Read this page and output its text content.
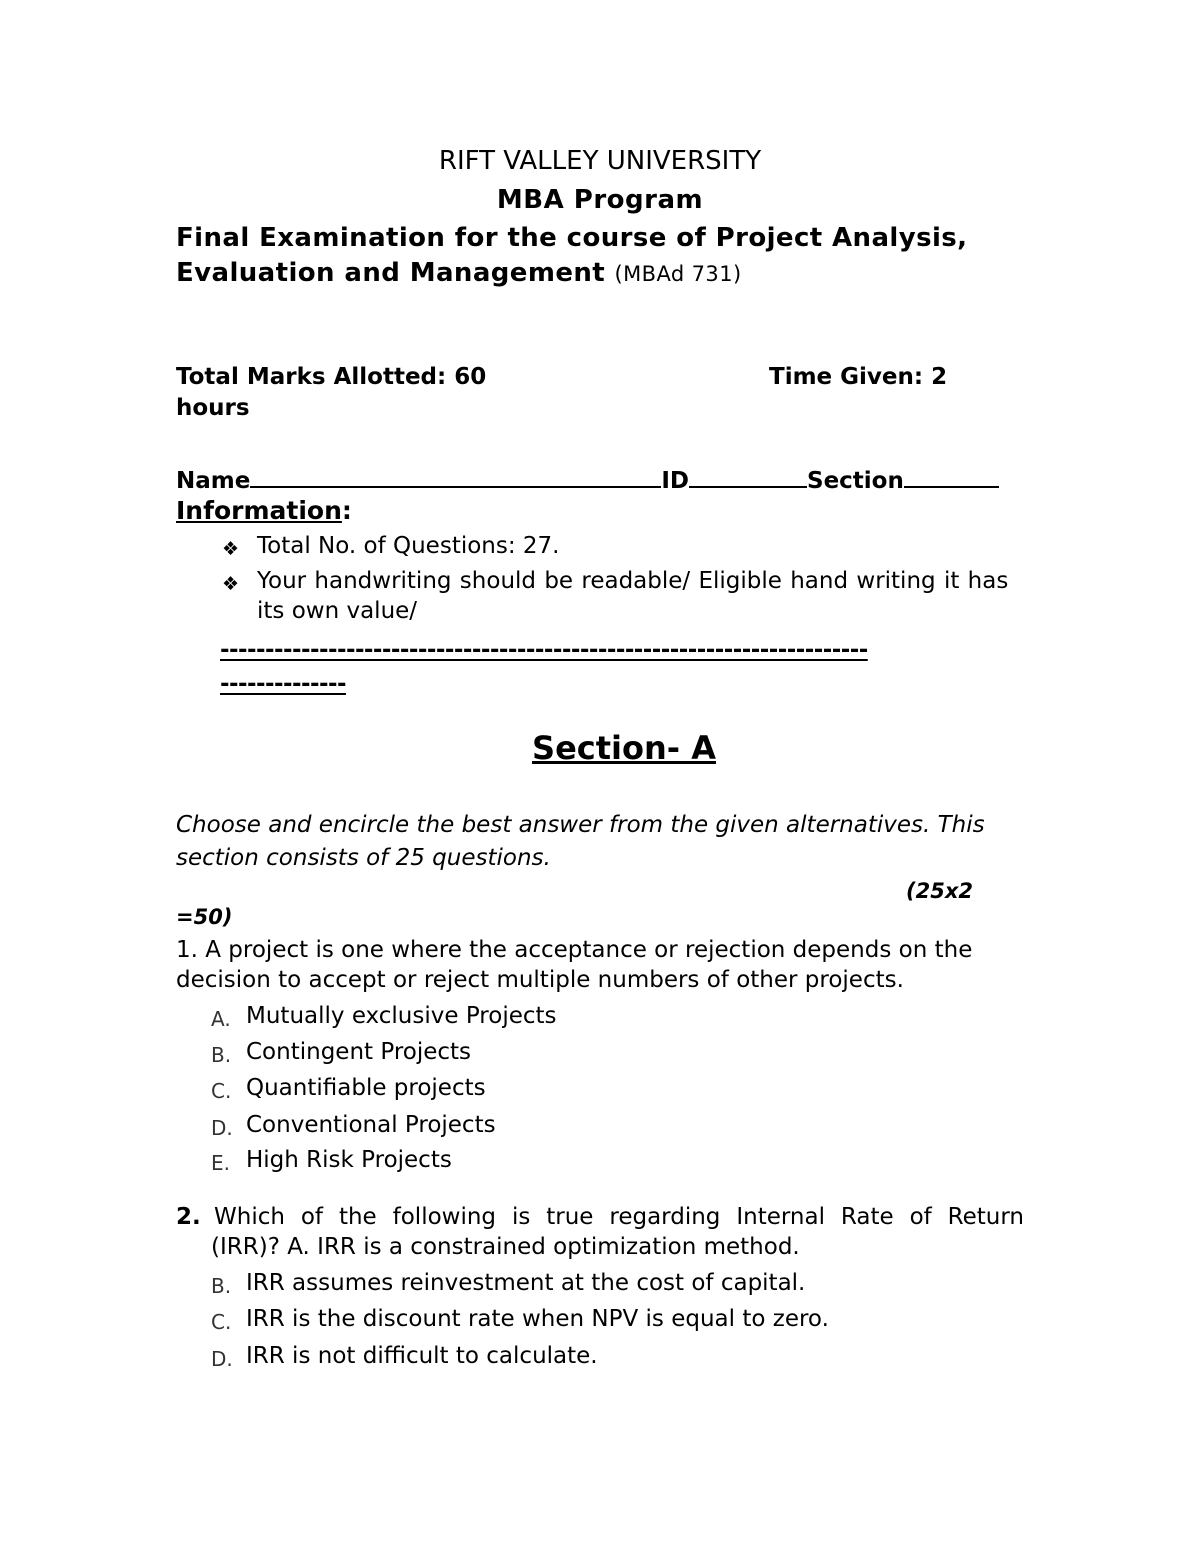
RIFT VALLEY UNIVERSITY
MBA Program
Final Examination for the course of Project Analysis,
Evaluation and Management (MBAd 731)
Total Marks Allotted: 60	Time Given: 2
hours
Name	ID	Section
Information:
❖ Total No. of Questions: 27.
❖ Your handwriting should be readable/ Eligible hand writing it has
its own value/
------------------------------------------------------------------------
--------------
Section- A
Choose and encircle the best answer from the given alternatives. This
section consists of 25 questions.
(25x2
=50)
1. A project is one where the acceptance or rejection depends on the
decision to accept or reject multiple numbers of other projects.
A. Mutually exclusive Projects
B. Contingent Projects
C. Quantifiable projects
D. Conventional Projects
E. High Risk Projects
2. Which of the following is true regarding Internal Rate of Return
(IRR)? A. IRR is a constrained optimization method.
B. IRR assumes reinvestment at the cost of capital.
C. IRR is the discount rate when NPV is equal to zero.
D. IRR is not difficult to calculate.
